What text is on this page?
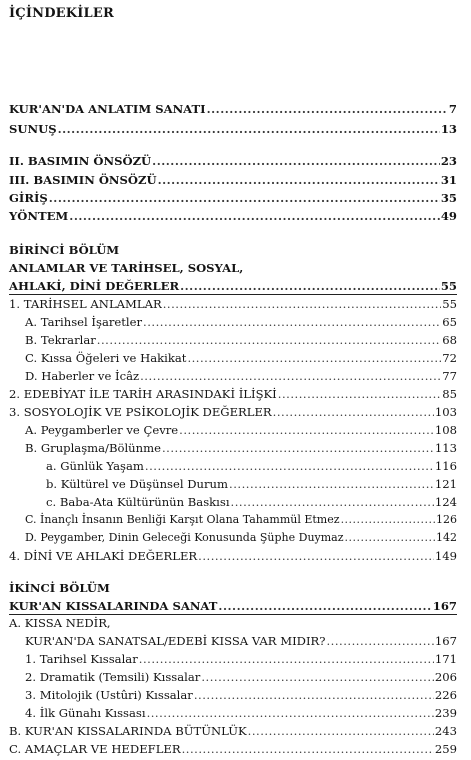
İÇİNDEKİLER
KUR'AN'DA ANLATIM SANATI .....	7
SUNUŞ .....	13
II. BASIMIN ÖNSÖZÜ .....	23
III. BASIMIN ÖNSÖZÜ .....	31
GİRİŞ .....	35
YÖNTEM .....	49
BİRİNCİ BÖLÜM
ANLAMLAR VE TARİHSEL, SOSYAL,
AHLAKİ, DİNİ DEĞERLER .....	55
1. TARİHSEL ANLAMLAR .....	55
A. Tarihsel İşaretler .....	65
B. Tekrarlar .....	68
C. Kıssa Öğeleri ve Hakikat .....	72
D. Haberler ve İcâz .....	77
2. EDEBİYAT İLE TARİH ARASINDAKİ İLİŞKİ .....	85
3. SOSYOLOJİK VE PSİKOLOJİK DEĞERLER .....	103
A. Peygamberler ve Çevre .....	108
B. Gruplaşma/Bölünme .....	113
a. Günlük Yaşam .....	116
b. Kültürel ve Düşünsel Durum .....	121
c. Baba-Ata Kültürünün Baskısı .....	124
C. İnançlı İnsanın Benliği Karşıt Olana Tahammül Etmez .....	126
D. Peygamber, Dinin Geleceği Konusunda Şüphe Duymaz .....	142
4. DİNİ VE AHLAKİ DEĞERLER .....	149
İKİNCİ BÖLÜM
KUR'AN KISSALARINDA SANAT .....	167
A. KISSA NEDİR,
KUR'AN'DA SANATSAL/EDEBİ KISSA VAR MIDIR? .....	167
1. Tarihsel Kıssalar .....	171
2. Dramatik (Temsili) Kıssalar .....	206
3. Mitolojik (Ustûri) Kıssalar .....	226
4. İlk Günahı Kıssası .....	239
B. KUR'AN KISSALARINDA BÜTÜNLÜK .....	243
C. AMAÇLAR VE HEDEFLER .....	259
